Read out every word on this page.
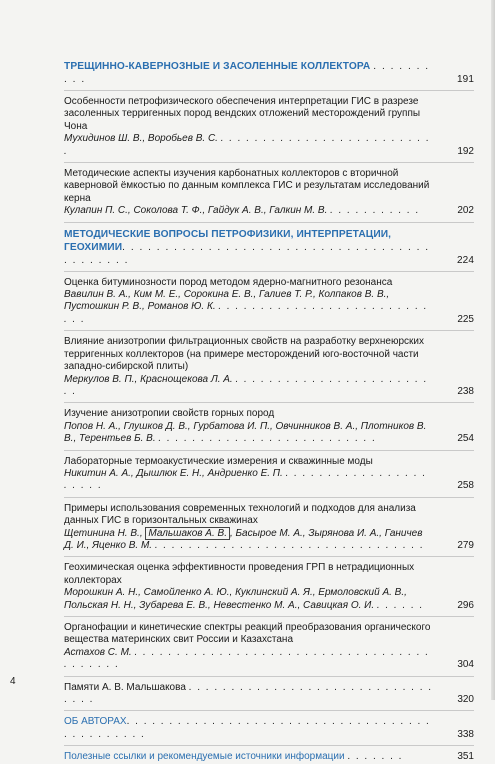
ТРЕЩИННО-КАВЕРНОЗНЫЕ И ЗАСОЛЕННЫЕ КОЛЛЕКТОРА . . . . . . . . . .	191
Особенности петрофизического обеспечения интерпретации ГИС в разрезе засоленных терригенных пород вендских отложений месторождений группы Чона
Мухидинов Ш. В., Воробьев В. С. . . . . . . . . . . . . . . . . . . . . . . . . . .	192
Методические аспекты изучения карбонатных коллекторов с вторичной каверновой ёмкостью по данным комплекса ГИС и результатам исследований керна
Кулапин П. С., Соколова Т. Ф., Гайдук А. В., Галкин М. В. . . . . . . . . . . .	202
МЕТОДИЧЕСКИЕ ВОПРОСЫ ПЕТРОФИЗИКИ, ИНТЕРПРЕТАЦИИ,
ГЕОХИМИИ. . . . . . . . . . . . . . . . . . . . . . . . . . . . . . . . . . . . . . . . . . . .	224
Оценка битуминозности пород методом ядерно-магнитного резонанса
Вавилин В. А., Ким М. Е., Сорокина Е. В., Галиев Т. Р., Колпаков В. В., Пустошкин Р. В., Романов Ю. К. . . . . . . . . . . . . . . . . . . . . . . . . . . . .	225
Влияние анизотропии фильтрационных свойств на разработку верхнеюрских терригенных коллекторов (на примере месторождений юго-восточной части западно-сибирской плиты)
Меркулов В. П., Краснощекова Л. А. . . . . . . . . . . . . . . . . . . . . . . . . .	238
Изучение анизотропии свойств горных пород
Попов Н. А., Глушков Д. В., Гурбатова И. П., Овчинников В. А., Плотников В. В., Терентьев Б. В. . . . . . . . . . . . . . . . . . . . . . . . . . .	254
Лабораторные термоакустические измерения и скважинные моды
Никитин А. А., Дышлюк Е. Н., Андриенко Е. П. . . . . . . . . . . . . . . . . . . . . . .	258
Примеры использования современных технологий и подходов для анализа данных ГИС в горизонтальных скважинах
Щетинина Н. В., Мальшаков А. В. , Басырое М. А., Зырянова И. А., Ганичев Д. И., Яценко В. М. . . . . . . . . . . . . . . . . . . . . . . . . . . . . . . . .	279
Геохимическая оценка эффективности проведения ГРП в нетрадиционных коллекторах
Морошкин А. Н., Самойленко А. Ю., Куклинский А. Я., Ермоловский А. В., Польская Н. Н., Зубарева Е. В., Невестенко М. А., Савицкая О. И. . . . . . .	296
Органофации и кинетические спектры реакций преобразования органического вещества материнских свит России и Казахстана
Астахов С. М. . . . . . . . . . . . . . . . . . . . . . . . . . . . . . . . . . . . . . . . . . .	304
Памяти А. В. Мальшакова . . . . . . . . . . . . . . . . . . . . . . . . . . . . . . . . .	320
ОБ АВТОРАХ. . . . . . . . . . . . . . . . . . . . . . . . . . . . . . . . . . . . . . . . . . . . . .	338
Полезные ссылки и рекомендуемые источники информации . . . . . . .	351
4
